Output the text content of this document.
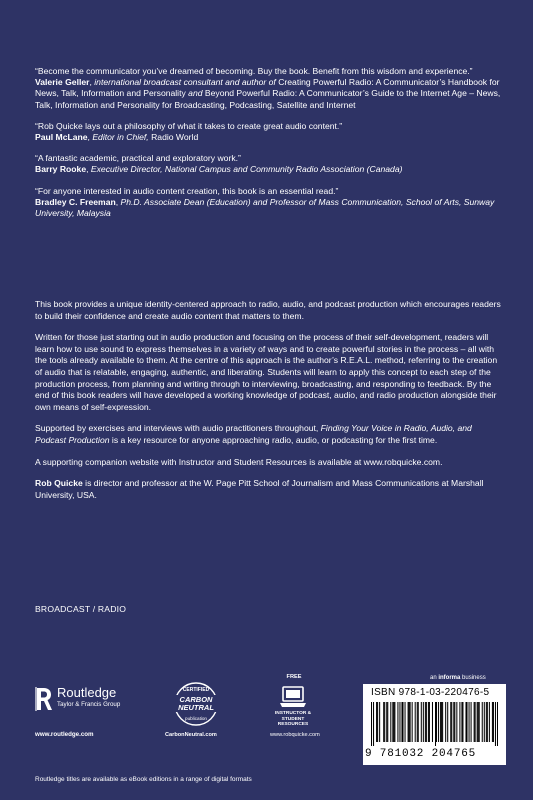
“Become the communicator you’ve dreamed of becoming. Buy the book. Benefit from this wisdom and experience.”
Valerie Geller, international broadcast consultant and author of Creating Powerful Radio: A Communicator’s Handbook for News, Talk, Information and Personality and Beyond Powerful Radio: A Communicator’s Guide to the Internet Age – News, Talk, Information and Personality for Broadcasting, Podcasting, Satellite and Internet
“Rob Quicke lays out a philosophy of what it takes to create great audio content.”
Paul McLane, Editor in Chief, Radio World
“A fantastic academic, practical and exploratory work.”
Barry Rooke, Executive Director, National Campus and Community Radio Association (Canada)
“For anyone interested in audio content creation, this book is an essential read.”
Bradley C. Freeman, Ph.D. Associate Dean (Education) and Professor of Mass Communication, School of Arts, Sunway University, Malaysia

This book provides a unique identity-centered approach to radio, audio, and podcast production which encourages readers to build their confidence and create audio content that matters to them.

Written for those just starting out in audio production and focusing on the process of their self-development, readers will learn how to use sound to express themselves in a variety of ways and to create powerful stories in the process – all with the tools already available to them. At the centre of this approach is the author’s R.E.A.L. method, referring to the creation of audio that is relatable, engaging, authentic, and liberating. Students will learn to apply this concept to each step of the production process, from planning and writing through to interviewing, broadcasting, and responding to feedback. By the end of this book readers will have developed a working knowledge of podcast, audio, and radio production alongside their own means of self-expression.

Supported by exercises and interviews with audio practitioners throughout, Finding Your Voice in Radio, Audio, and Podcast Production is a key resource for anyone approaching radio, audio, or podcasting for the first time.

A supporting companion website with Instructor and Student Resources is available at www.robquicke.com.

Rob Quicke is director and professor at the W. Page Pitt School of Journalism and Mass Communications at Marshall University, USA.

BROADCAST / RADIO
Routledge
Taylor & Francis Group
www.routledge.com
CERTIFIED
CARBON
NEUTRAL
publication
CarbonNeutral.com
FREE
INSTRUCTOR & STUDENT RESOURCES
www.robquicke.com
an informa business
ISBN 978-1-03-220476-5
9 781032 204765
Routledge titles are available as eBook editions in a range of digital formats
